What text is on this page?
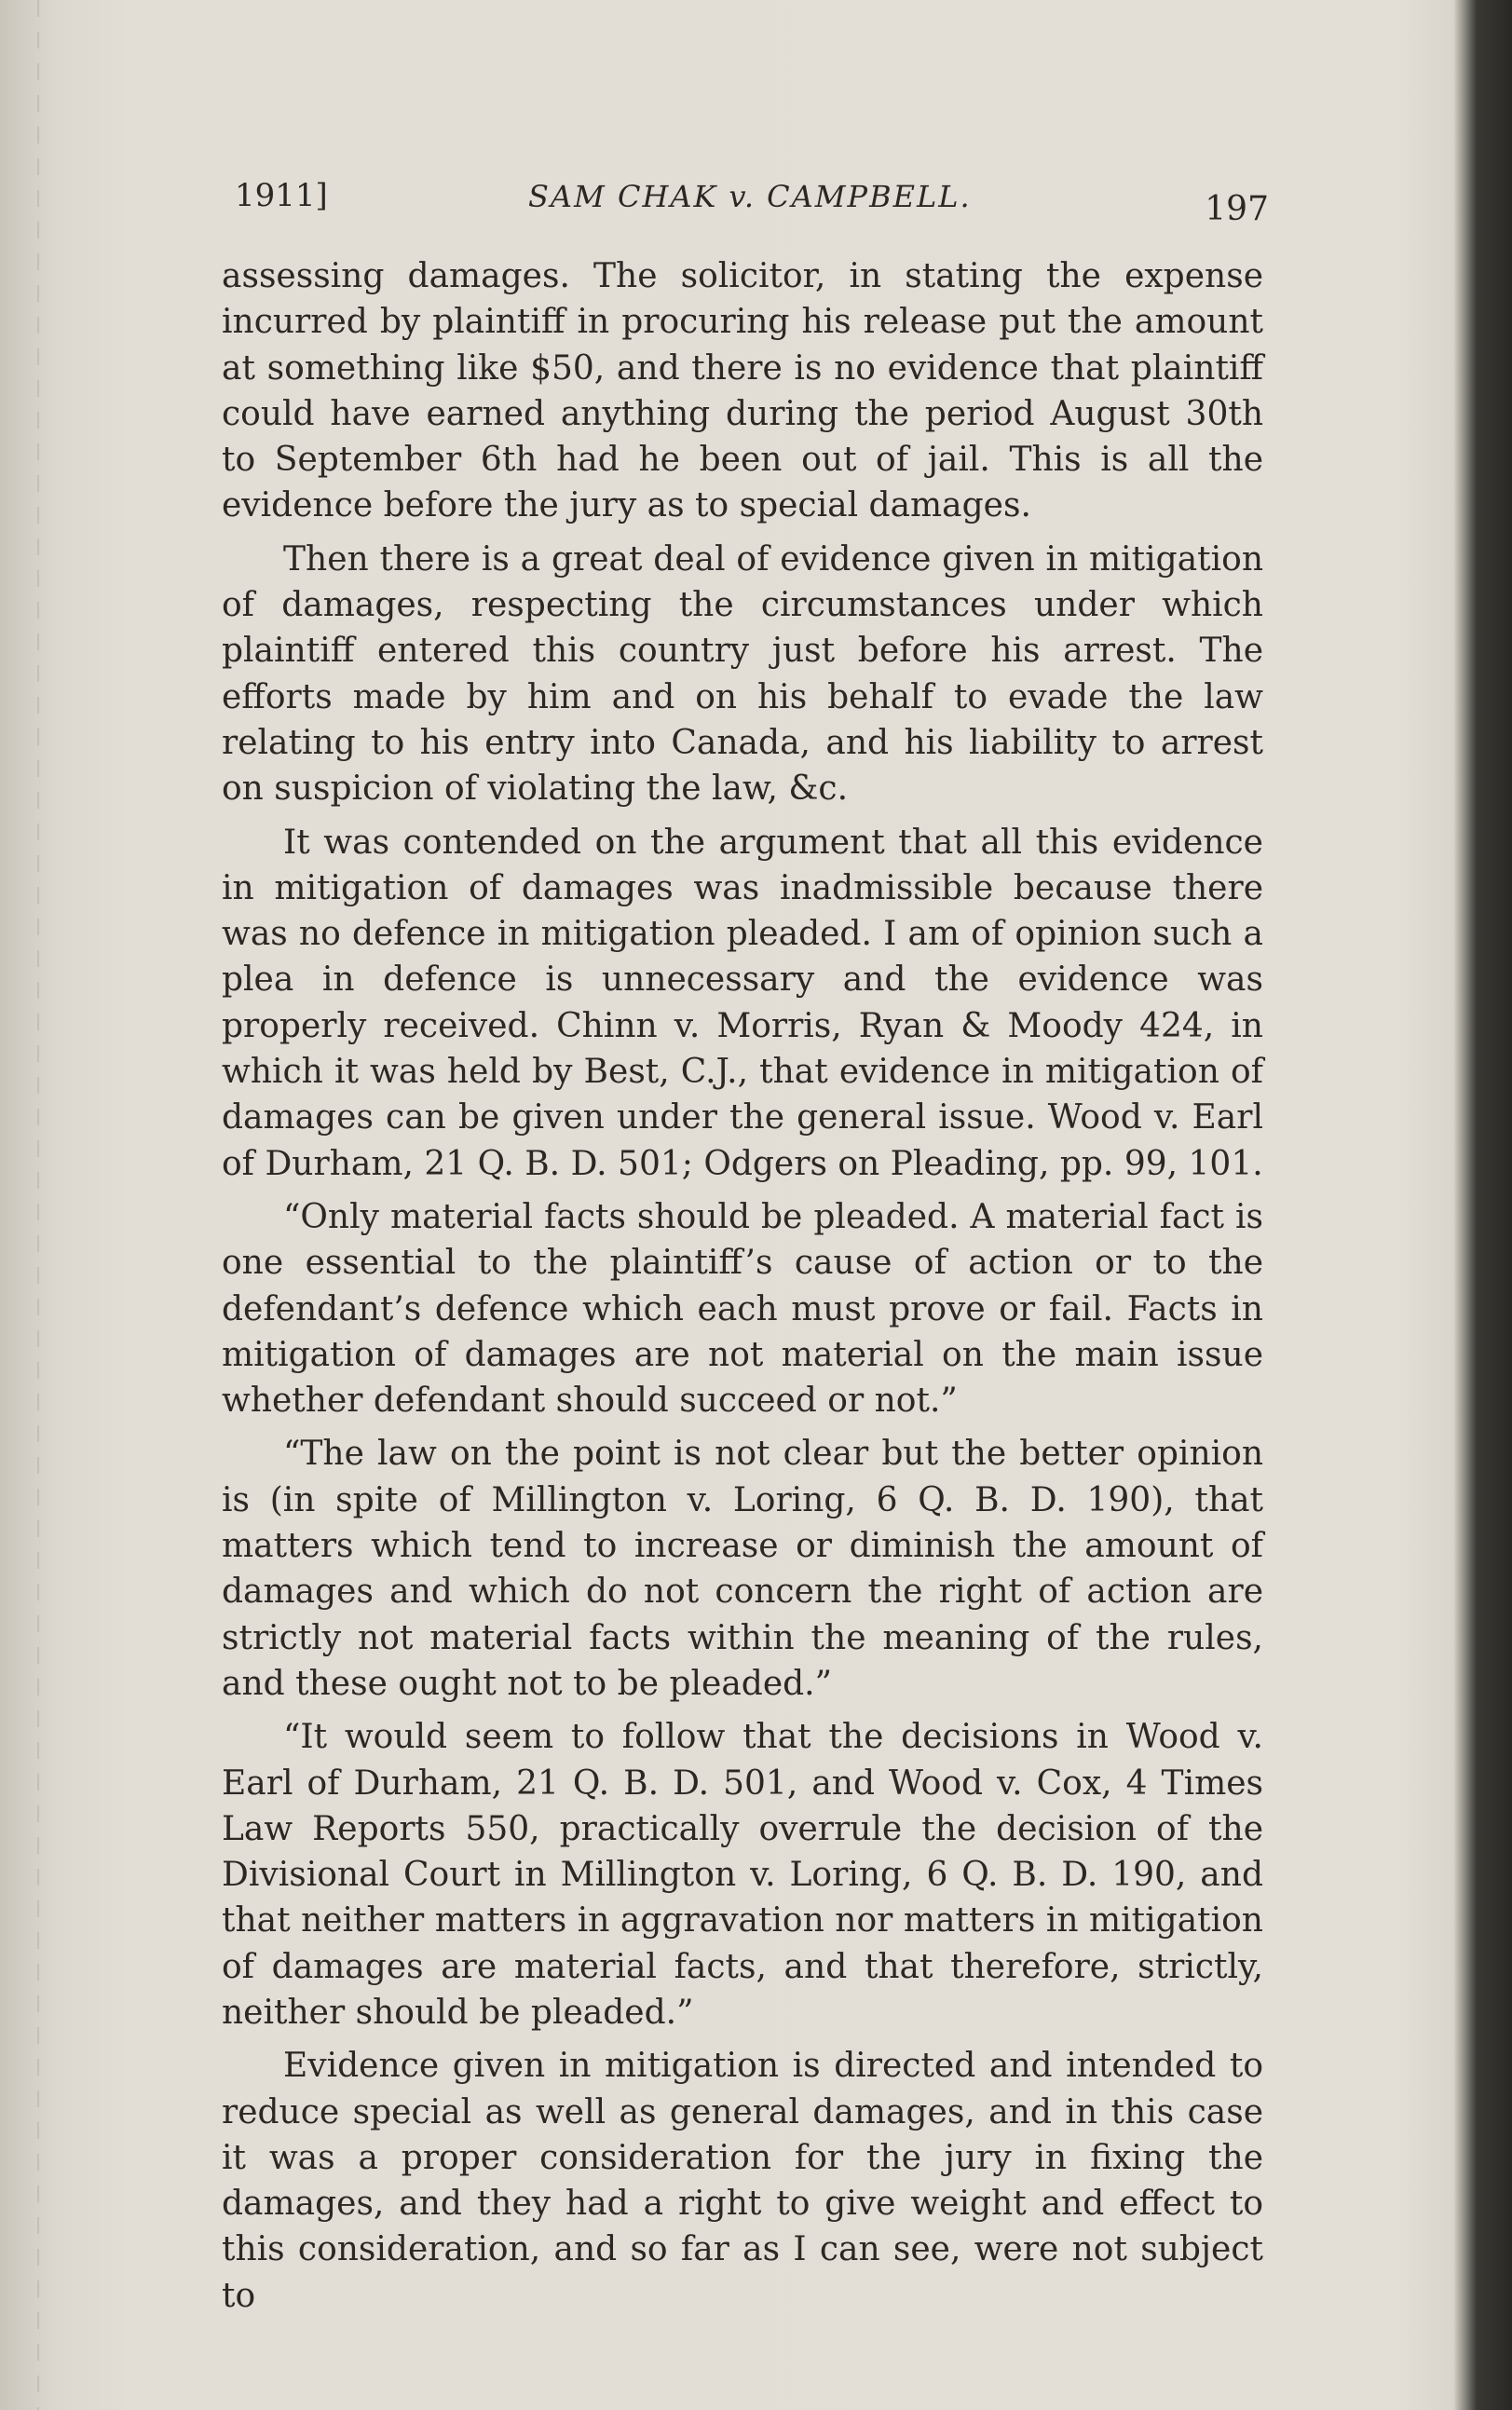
1911]	SAM CHAK v. CAMPBELL.	197

assessing damages. The solicitor, in stating the expense incurred by plaintiff in procuring his release put the amount at something like $50, and there is no evidence that plaintiff could have earned anything during the period August 30th to September 6th had he been out of jail. This is all the evidence before the jury as to special damages.

Then there is a great deal of evidence given in mitigation of damages, respecting the circumstances under which plaintiff entered this country just before his arrest. The efforts made by him and on his behalf to evade the law relating to his entry into Canada, and his liability to arrest on suspicion of violating the law, &c.

It was contended on the argument that all this evidence in mitigation of damages was inadmissible because there was no defence in mitigation pleaded. I am of opinion such a plea in defence is unnecessary and the evidence was properly received. Chinn v. Morris, Ryan & Moody 424, in which it was held by Best, C.J., that evidence in mitigation of damages can be given under the general issue. Wood v. Earl of Durham, 21 Q. B. D. 501; Odgers on Pleading, pp. 99, 101.

“Only material facts should be pleaded. A material fact is one essential to the plaintiff’s cause of action or to the defendant’s defence which each must prove or fail. Facts in mitigation of damages are not material on the main issue whether defendant should succeed or not.”

“The law on the point is not clear but the better opinion is (in spite of Millington v. Loring, 6 Q. B. D. 190), that matters which tend to increase or diminish the amount of damages and which do not concern the right of action are strictly not material facts within the meaning of the rules, and these ought not to be pleaded.”

“It would seem to follow that the decisions in Wood v. Earl of Durham, 21 Q. B. D. 501, and Wood v. Cox, 4 Times Law Reports 550, practically overrule the decision of the Divisional Court in Millington v. Loring, 6 Q. B. D. 190, and that neither matters in aggravation nor matters in mitigation of damages are material facts, and that therefore, strictly, neither should be pleaded.”

Evidence given in mitigation is directed and intended to reduce special as well as general damages, and in this case it was a proper consideration for the jury in fixing the damages, and they had a right to give weight and effect to this consideration, and so far as I can see, were not subject to
